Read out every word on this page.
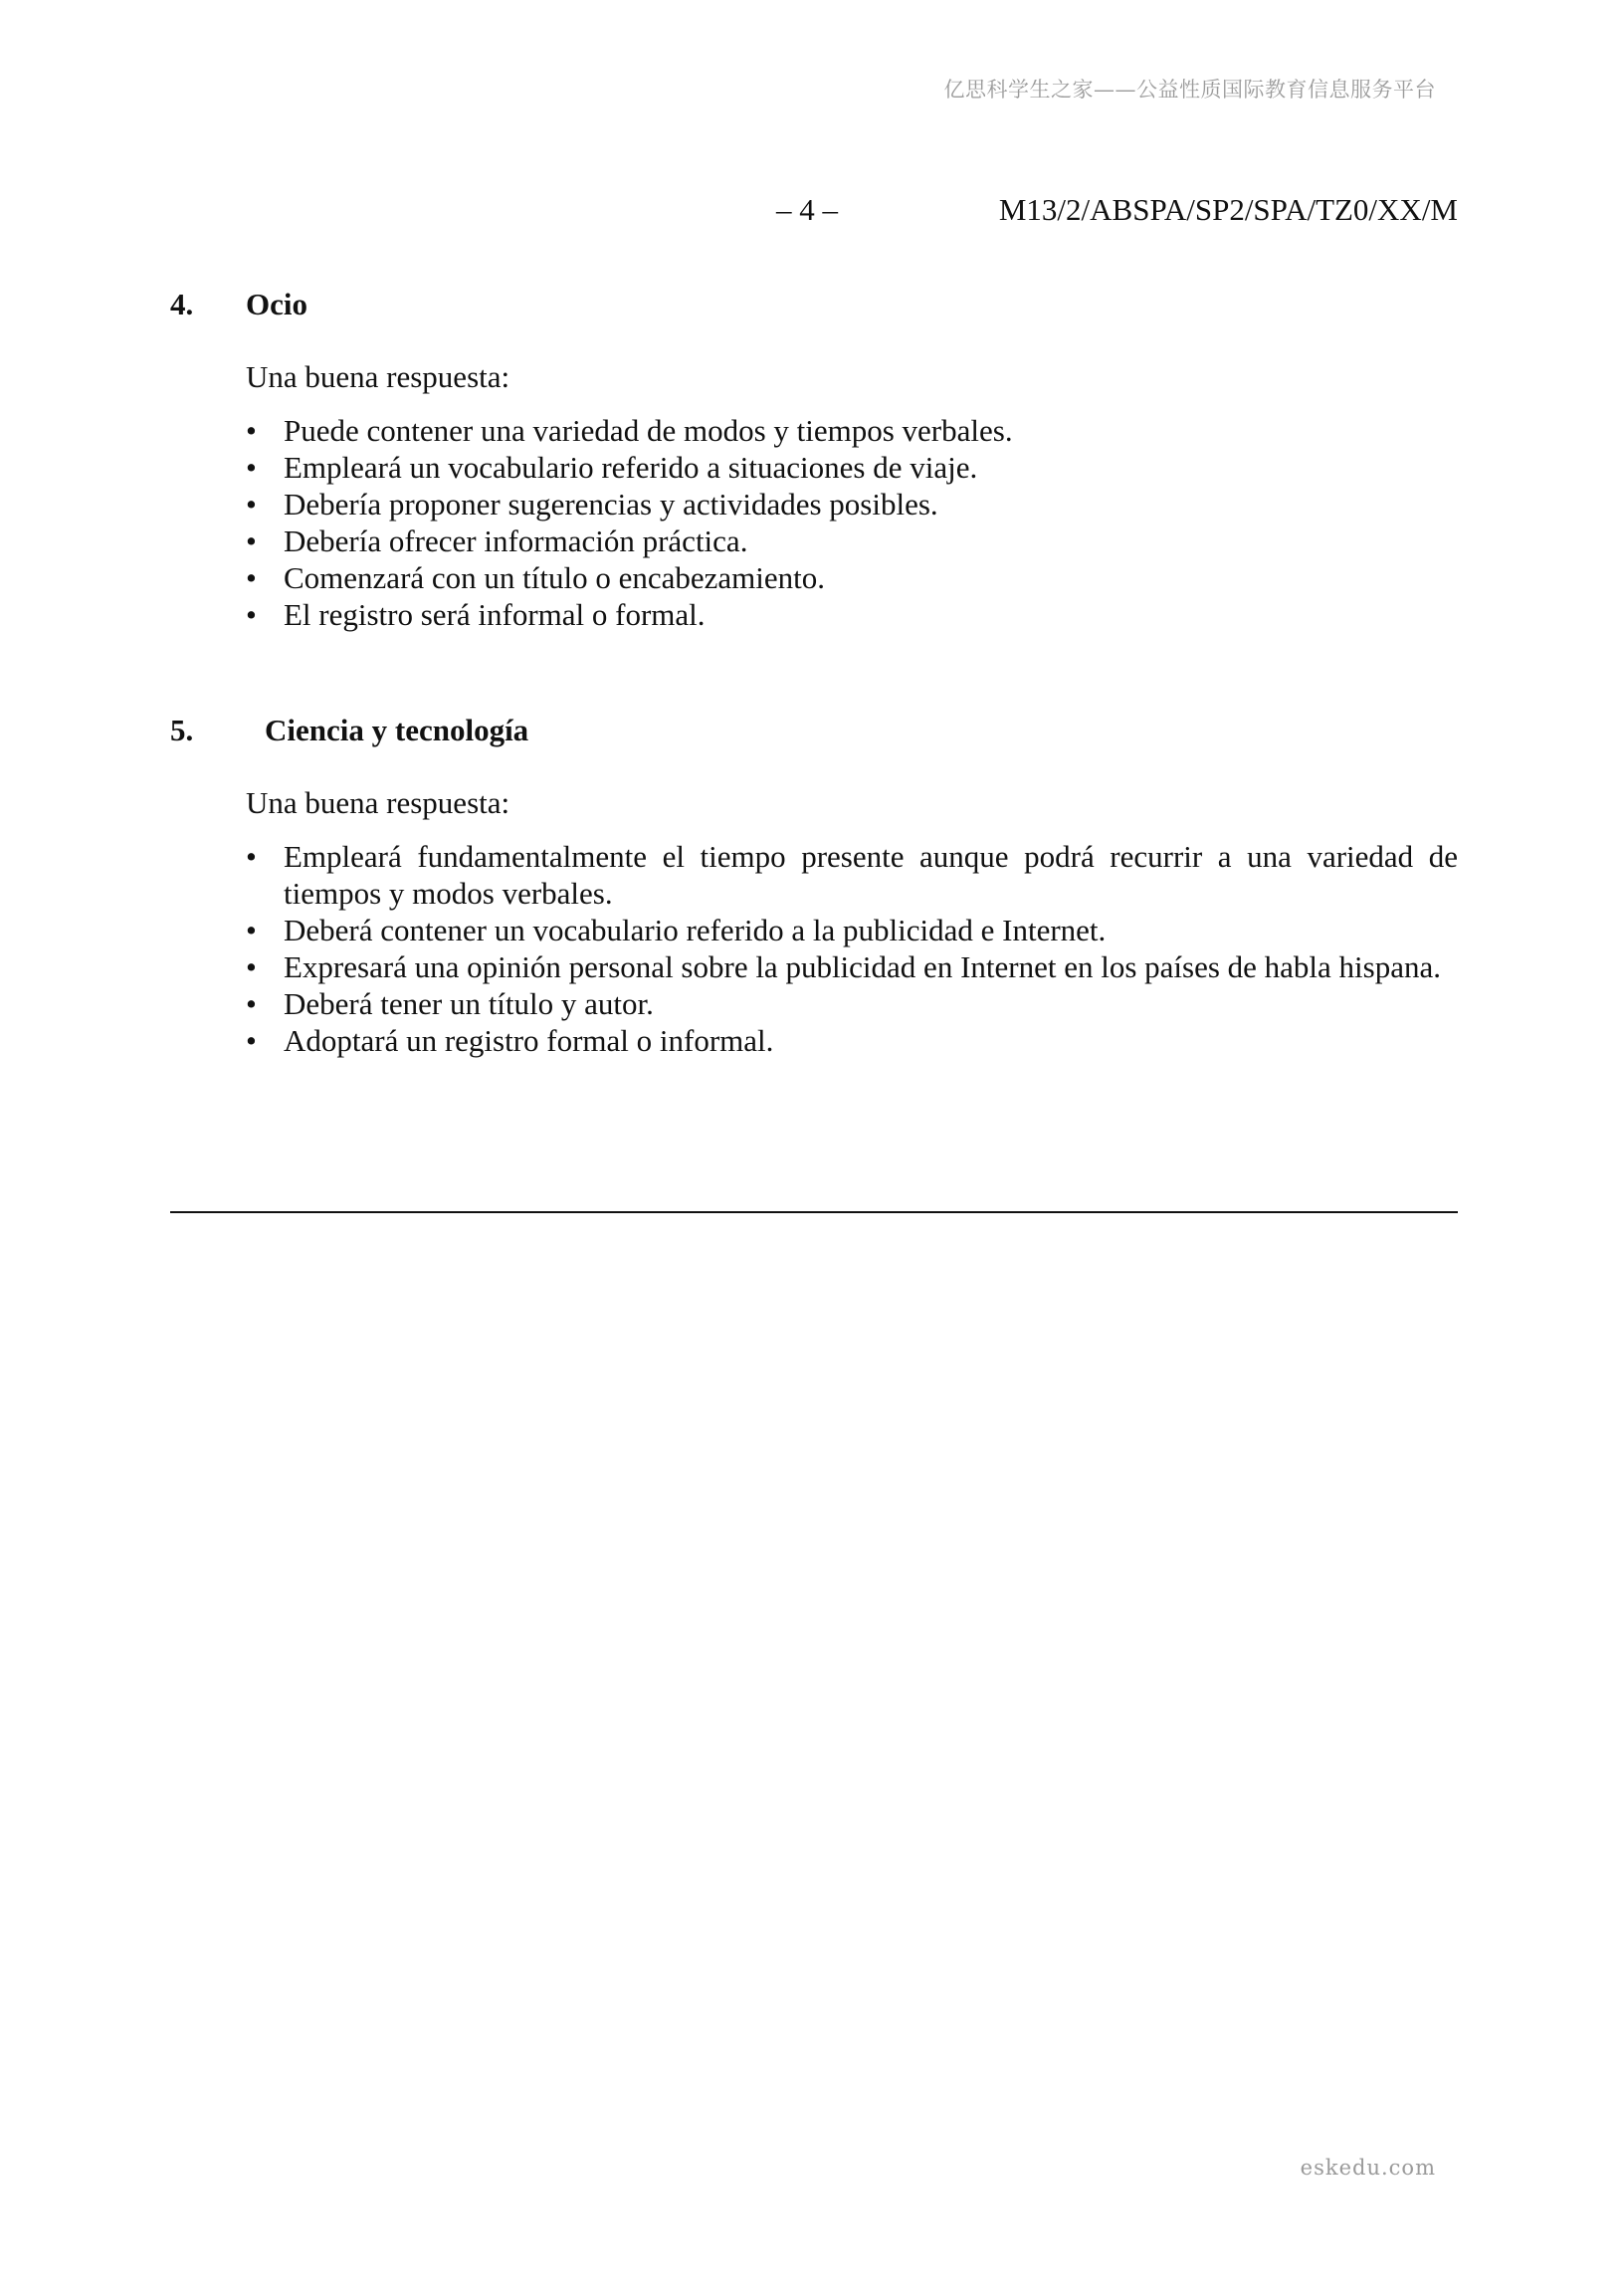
亿思科学生之家——公益性质国际教育信息服务平台
– 4 –	M13/2/ABSPA/SP2/SPA/TZ0/XX/M
4. Ocio
Una buena respuesta:
• Puede contener una variedad de modos y tiempos verbales.
• Empleará un vocabulario referido a situaciones de viaje.
• Debería proponer sugerencias y actividades posibles.
• Debería ofrecer información práctica.
• Comenzará con un título o encabezamiento.
• El registro será informal o formal.
5. Ciencia y tecnología
Una buena respuesta:
• Empleará fundamentalmente el tiempo presente aunque podrá recurrir a una variedad de tiempos y modos verbales.
• Deberá contener un vocabulario referido a la publicidad e Internet.
• Expresará una opinión personal sobre la publicidad en Internet en los países de habla hispana.
• Deberá tener un título y autor.
• Adoptará un registro formal o informal.
eskedu.com
